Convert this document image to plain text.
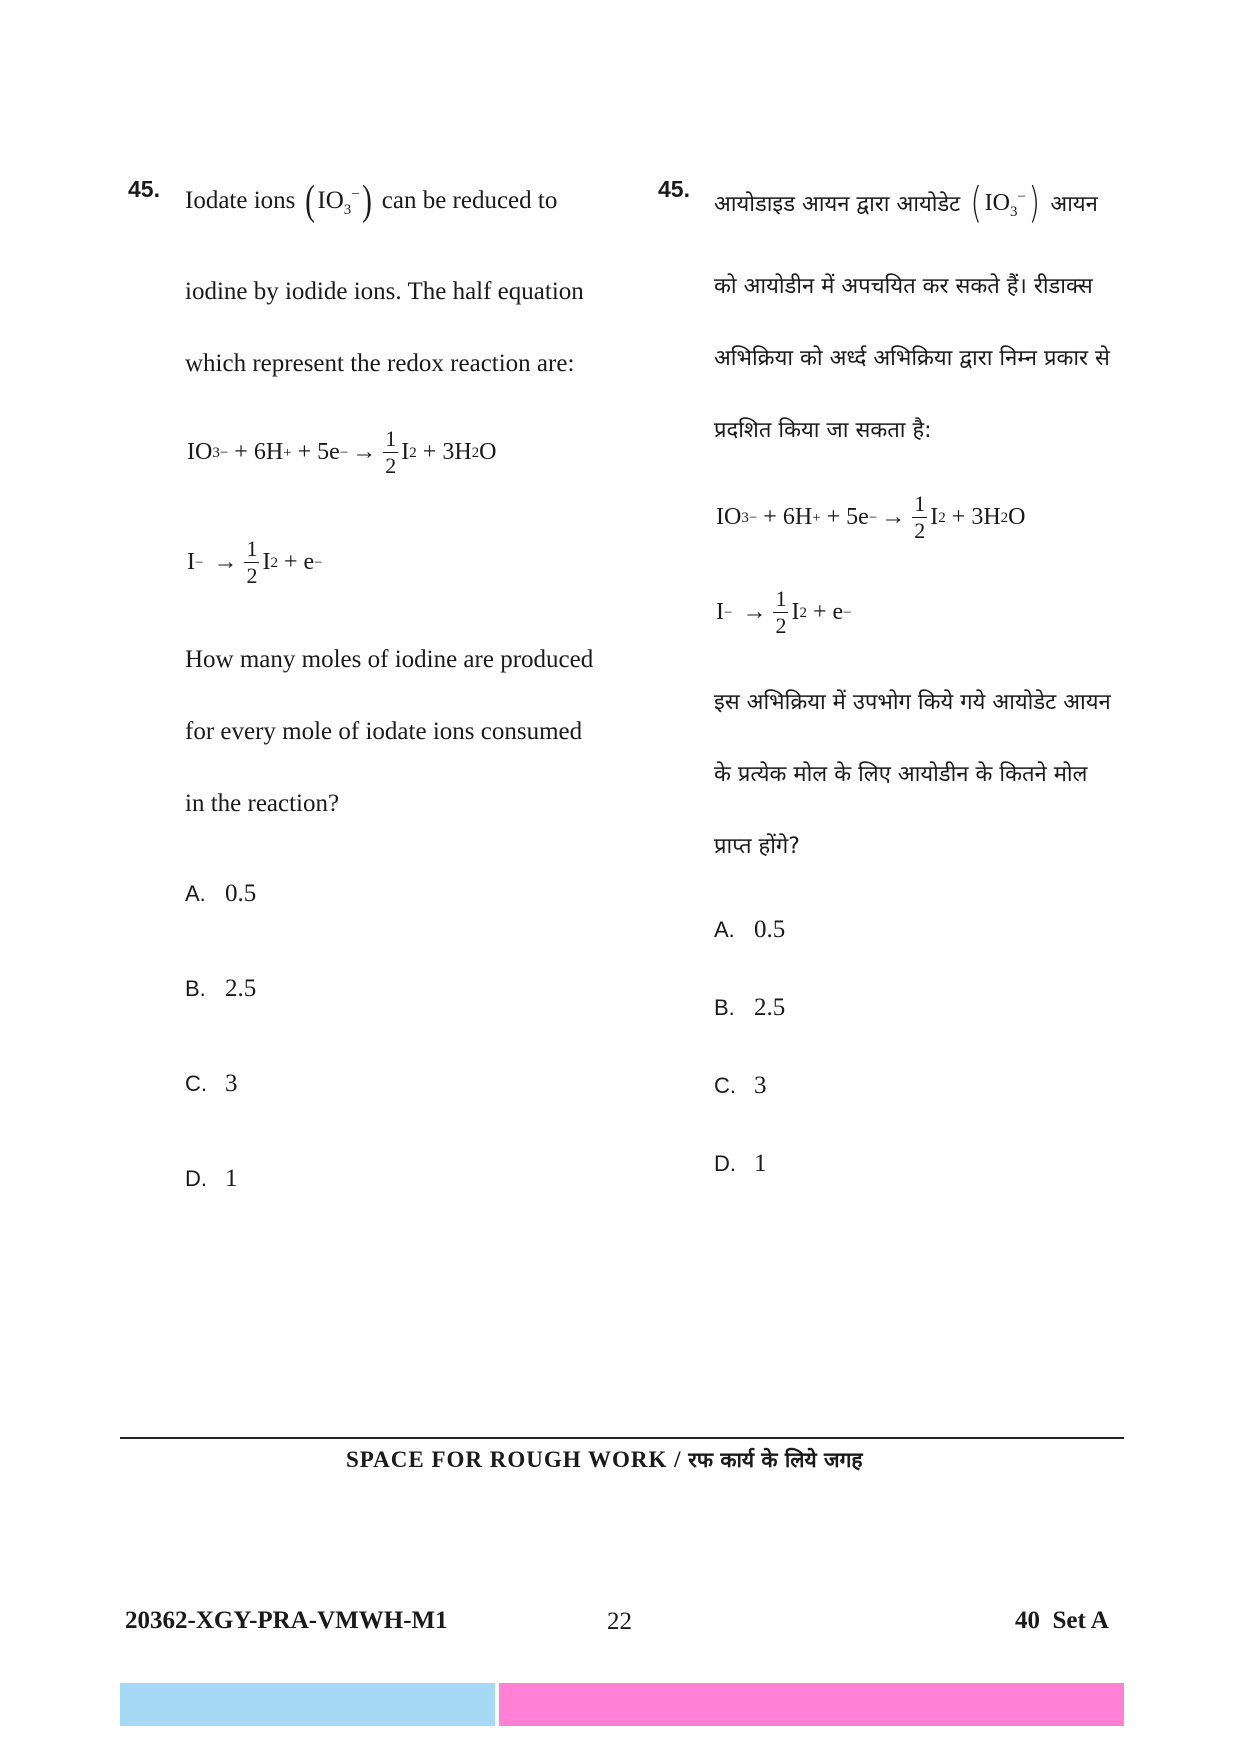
45. Iodate ions ( $IO_3^-$ ) can be reduced to
iodine by iodide ions. The half equation
which represent the redox reaction are:
IO 3 − + 6H + + 5e − → $\frac{1}{2}$ I 2 + 3H 2 O
I − → $\frac{1}{2}$ I 2 + e −
How many moles of iodine are produced
for every mole of iodate ions consumed
in the reaction?
A. 0.5
B. 2.5
C. 3
D. 1
45.
आयोडाइड आयन द्वारा आयोडेट ( $IO_3^-$ ) आयन
को आयोडीन में अपचयित कर सकते हैं। रीडाक्स
अभिक्रिया को अर्ध्द अभिक्रिया द्वारा निम्न प्रकार से
प्रदशित किया जा सकता है:
IO 3 − + 6H + + 5e − → $\frac{1}{2}$ I 2 + 3H 2 O
I − → $\frac{1}{2}$ I 2 + e −
इस अभिक्रिया में उपभोग किये गये आयोडेट आयन
के प्रत्येक मोल के लिए आयोडीन के कितने मोल
प्राप्त होंगे?
A. 0.5
B. 2.5
C. 3
D. 1
SPACE FOR ROUGH WORK / रफ कार्य के लिये जगह
20362-XGY-PRA-VMWH-M1	22	40 Set A
